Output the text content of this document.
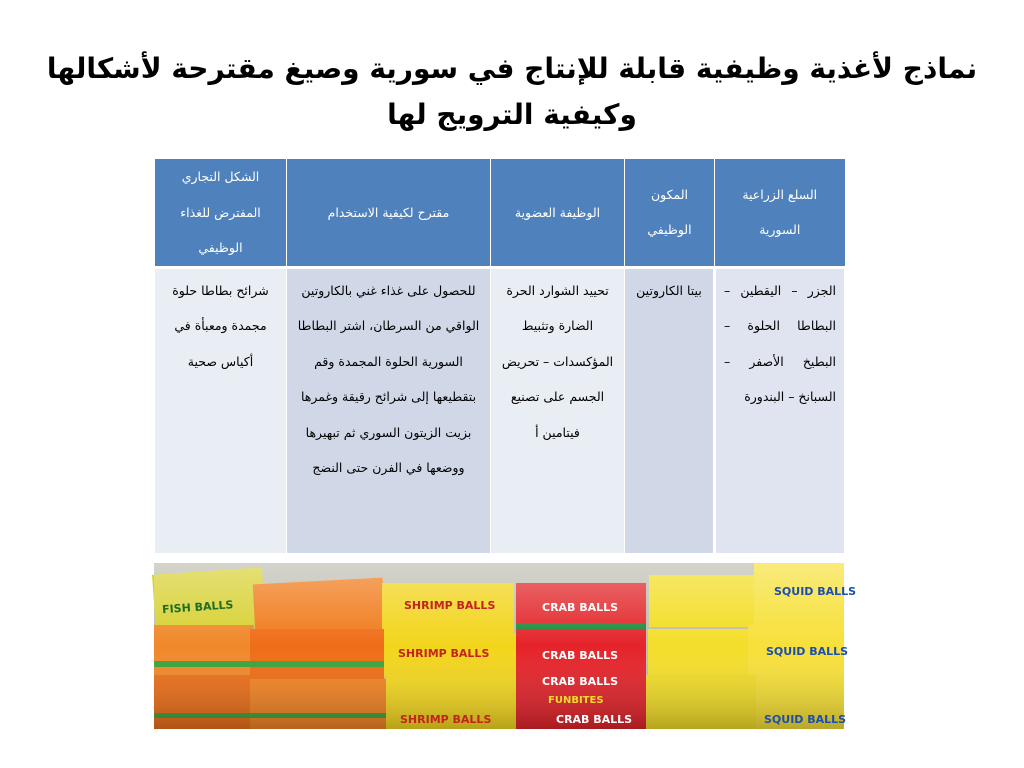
نماذج لأغذية وظيفية قابلة للإنتاج في سورية وصيغ مقترحة لأشكالها وكيفية الترويج لها
السلع الزراعية السورية	المكون الوظيفي	الوظيفة العضوية	مقترح لكيفية الاستخدام	الشكل التجاري المفترض للغذاء الوظيفي
الجزر – اليقطين – البطاطا الحلوة – البطيخ الأصفر – السبانخ – البندورة	بيتا الكاروتين	تحييد الشوارد الحرة الضارة وتثبيط المؤكسدات – تحريض الجسم على تصنيع فيتامين أ	للحصول على غذاء غني بالكاروتين الواقي من السرطان، اشتر البطاطا السورية الحلوة المجمدة وقم بتقطيعها إلى شرائح رقيقة وغمرها بزيت الزيتون السوري ثم تبهيرها ووضعها في الفرن حتى النضج	شرائح بطاطا حلوة مجمدة ومعبأة في أكياس صحية
FISH BALLS	SHRIMP BALLS	CRAB BALLS
SQUID BALLS
SHRIMP BALLS	CRAB BALLS	SQUID BALLS
CRAB BALLS
SHRIMP BALLS	CRAB BALLS	SQUID BALLS
FUNBITES
